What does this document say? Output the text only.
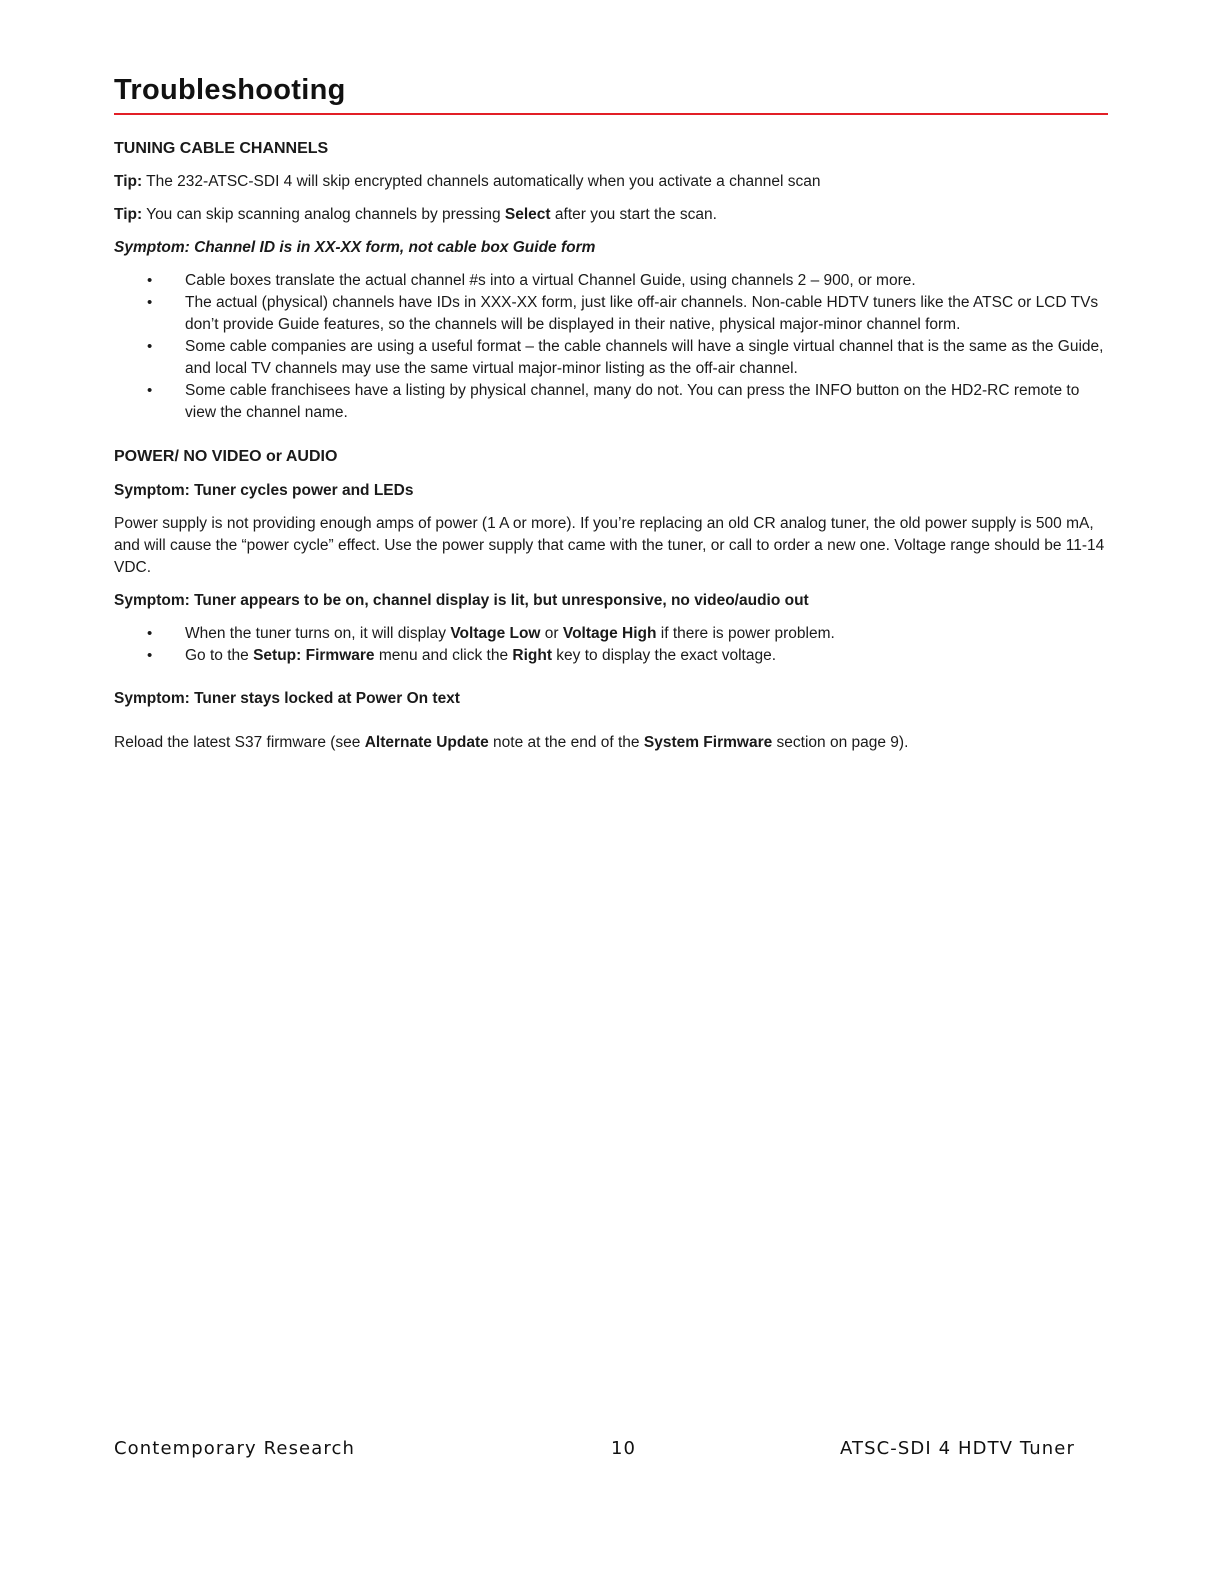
Troubleshooting

TUNING CABLE CHANNELS

Tip: The 232-ATSC-SDI 4 will skip encrypted channels automatically when you activate a channel scan

Tip: You can skip scanning analog channels by pressing Select after you start the scan.

Symptom: Channel ID is in XX-XX form, not cable box Guide form

• Cable boxes translate the actual channel #s into a virtual Channel Guide, using channels 2 – 900, or more.
• The actual (physical) channels have IDs in XXX-XX form, just like off-air channels. Non-cable HDTV tuners like the ATSC or LCD TVs don’t provide Guide features, so the channels will be displayed in their native, physical major-minor channel form.
• Some cable companies are using a useful format – the cable channels will have a single virtual channel that is the same as the Guide, and local TV channels may use the same virtual major-minor listing as the off-air channel.
• Some cable franchisees have a listing by physical channel, many do not. You can press the INFO button on the HD2-RC remote to view the channel name.

POWER/ NO VIDEO or AUDIO

Symptom: Tuner cycles power and LEDs

Power supply is not providing enough amps of power (1 A or more). If you’re replacing an old CR analog tuner, the old power supply is 500 mA, and will cause the “power cycle” effect. Use the power supply that came with the tuner, or call to order a new one. Voltage range should be 11-14 VDC.

Symptom: Tuner appears to be on, channel display is lit, but unresponsive, no video/audio out

• When the tuner turns on, it will display Voltage Low or Voltage High if there is power problem.
• Go to the Setup: Firmware menu and click the Right key to display the exact voltage.

Symptom: Tuner stays locked at Power On text

Reload the latest S37 firmware (see Alternate Update note at the end of the System Firmware section on page 9).

Contemporary Research	10	ATSC-SDI 4 HDTV Tuner
